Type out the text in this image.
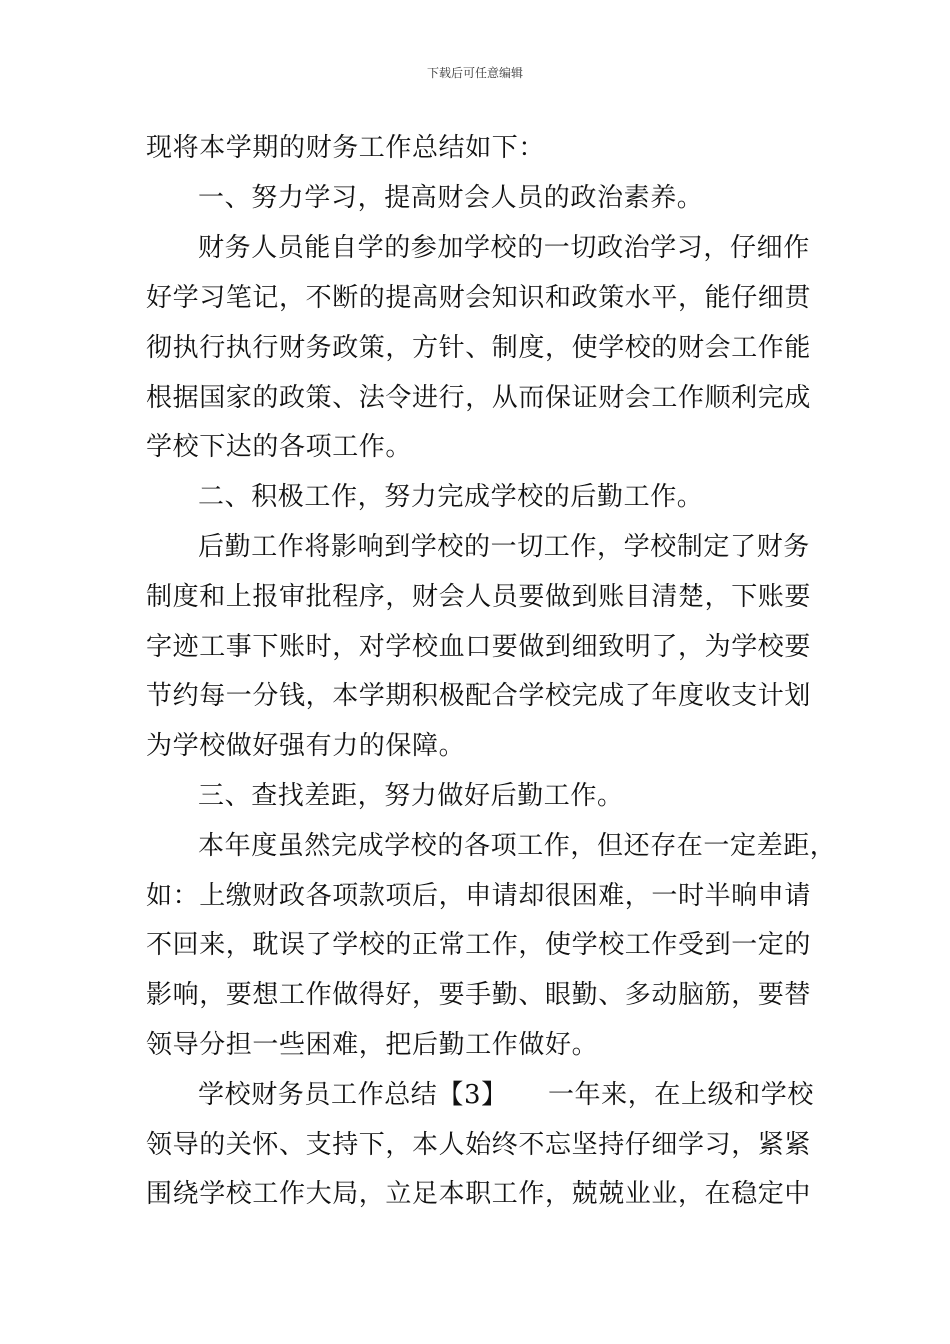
下载后可任意编辑
现将本学期的财务工作总结如下：
一、努力学习，提高财会人员的政治素养。
财务人员能自学的参加学校的一切政治学习，仔细作
好学习笔记，不断的提高财会知识和政策水平，能仔细贯
彻执行执行财务政策，方针、制度，使学校的财会工作能
根据国家的政策、法令进行，从而保证财会工作顺利完成
学校下达的各项工作。
二、积极工作，努力完成学校的后勤工作。
后勤工作将影响到学校的一切工作，学校制定了财务
制度和上报审批程序，财会人员要做到账目清楚，下账要
字迹工事下账时，对学校血口要做到细致明了，为学校要
节约每一分钱，本学期积极配合学校完成了年度收支计划
为学校做好强有力的保障。
三、查找差距，努力做好后勤工作。
本年度虽然完成学校的各项工作，但还存在一定差距，
如：上缴财政各项款项后，申请却很困难，一时半晌申请
不回来，耽误了学校的正常工作，使学校工作受到一定的
影响，要想工作做得好，要手勤、眼勤、多动脑筋，要替
领导分担一些困难，把后勤工作做好。
学校财务员工作总结【3】　　一年来，在上级和学校
领导的关怀、支持下，本人始终不忘坚持仔细学习，紧紧
围绕学校工作大局，立足本职工作，兢兢业业，在稳定中
